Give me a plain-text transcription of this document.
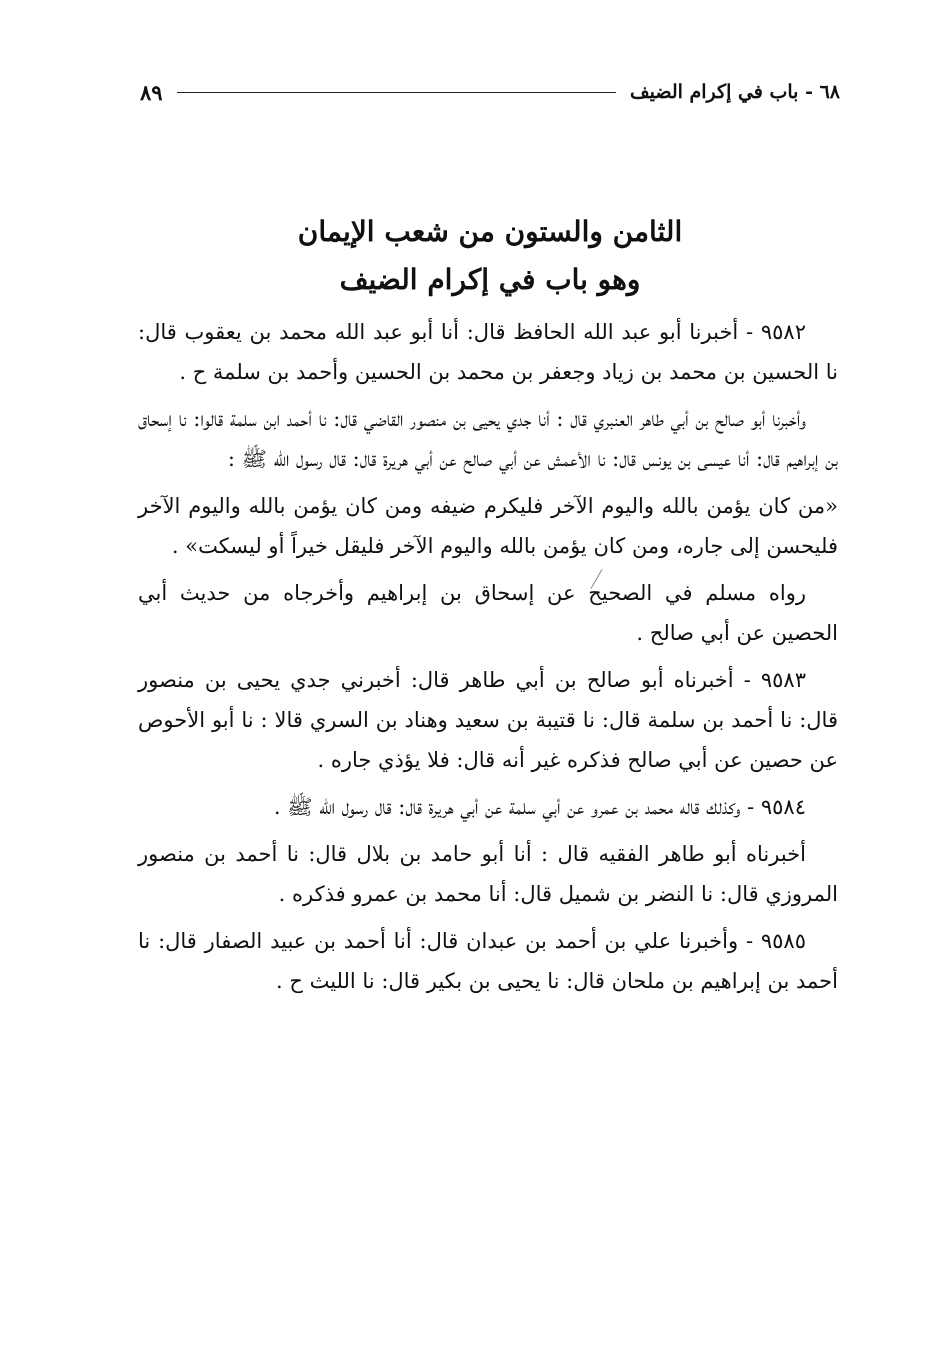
٦٨ - باب في إكرام الضيف
٨٩
الثامن والستون من شعب الإيمان
وهو باب في إكرام الضيف

٩٥٨٢ - أخبرنا أبو عبد الله الحافظ قال: أنا أبو عبد الله محمد بن يعقوب قال: نا الحسين بن محمد بن زياد وجعفر بن محمد بن الحسين وأحمد بن سلمة ح .

وأخبرنا أبو صالح بن أبي طاهر العنبري قال : أنا جدي يحيى بن منصور القاضي قال: نا أحمد ابن سلمة قالوا: نا إسحاق بن إبراهيم قال: أنا عيسى بن يونس قال: نا الأعمش عن أبي صالح عن أبي هريرة قال: قال رسول الله ﷺ :

«من كان يؤمن بالله واليوم الآخر فليكرم ضيفه ومن كان يؤمن بالله واليوم الآخر فليحسن إلى جاره، ومن كان يؤمن بالله واليوم الآخر فليقل خيراً أو ليسكت» .

رواه مسلم في الصحيح عن إسحاق بن إبراهيم وأخرجاه من حديث أبي الحصين عن أبي صالح .

٩٥٨٣ - أخبرناه أبو صالح بن أبي طاهر قال: أخبرني جدي يحيى بن منصور قال: نا أحمد بن سلمة قال: نا قتيبة بن سعيد وهناد بن السري قالا : نا أبو الأحوص عن حصين عن أبي صالح فذكره غير أنه قال: فلا يؤذي جاره .

٩٥٨٤ - وكذلك قاله محمد بن عمرو عن أبي سلمة عن أبي هريرة قال: قال رسول الله ﷺ .

أخبرناه أبو طاهر الفقيه قال : أنا أبو حامد بن بلال قال: نا أحمد بن منصور المروزي قال: نا النضر بن شميل قال: أنا محمد بن عمرو فذكره .

٩٥٨٥ - وأخبرنا علي بن أحمد بن عبدان قال: أنا أحمد بن عبيد الصفار قال: نا أحمد بن إبراهيم بن ملحان قال: نا يحيى بن بكير قال: نا الليث ح .
